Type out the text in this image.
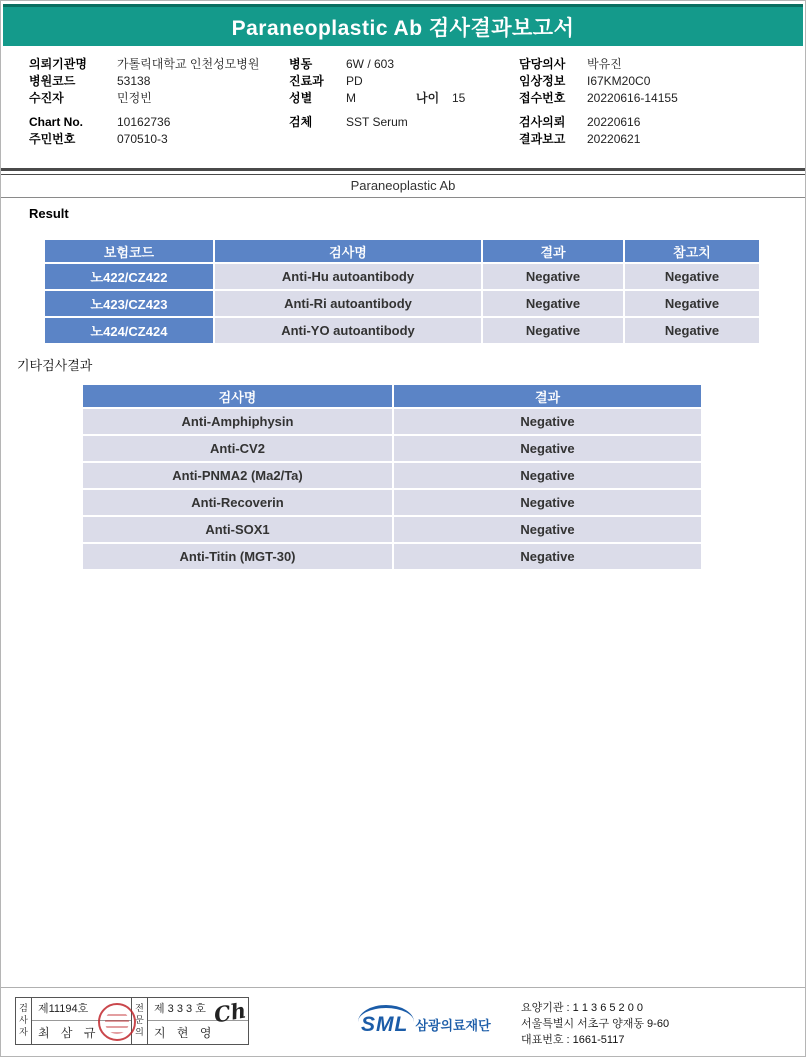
Paraneoplastic Ab 검사결과보고서
의뢰기관명	가톨릭대학교 인천성모병원
병원코드	53138
수진자	민정빈
Chart No.	10162736
주민번호	070510-3
병동	6W / 603
진료과	PD
성별	M	나이	15
검체	SST Serum
담당의사	박유진
임상정보	I67KM20C0
접수번호	20220616-14155
검사의뢰	20220616
결과보고	20220621
Paraneoplastic Ab
Result
보험코드	검사명	결과	참고치
노422/CZ422	Anti-Hu autoantibody	Negative	Negative
노423/CZ423	Anti-Ri autoantibody	Negative	Negative
노424/CZ424	Anti-YO autoantibody	Negative	Negative
기타검사결과
검사명	결과
Anti-Amphiphysin	Negative
Anti-CV2	Negative
Anti-PNMA2 (Ma2/Ta)	Negative
Anti-Recoverin	Negative
Anti-SOX1	Negative
Anti-Titin (MGT-30)	Negative
검사자
제11194호
최 삼 규
전문의
제 3 3 3 호
지 현 영
Ch	SML 삼광의료재단
요양기관 : 1 1 3 6 5 2 0 0
서울특별시 서초구 양재동 9-60
대표번호 : 1661-5117
